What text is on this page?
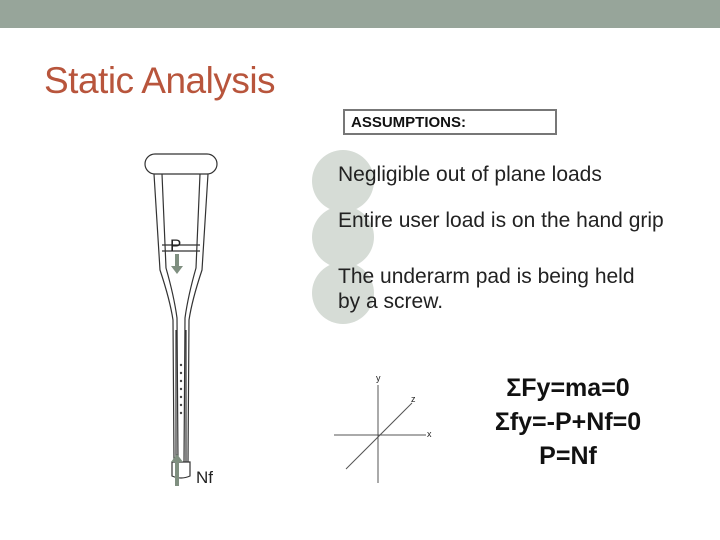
Static Analysis
ASSUMPTIONS:
Negligible out of plane loads
Entire user load is on the hand grip
The underarm pad is being held by a screw.
P
Nf
y
z
x
ΣFy=ma=0
Σfy=-P+Nf=0
P=Nf
